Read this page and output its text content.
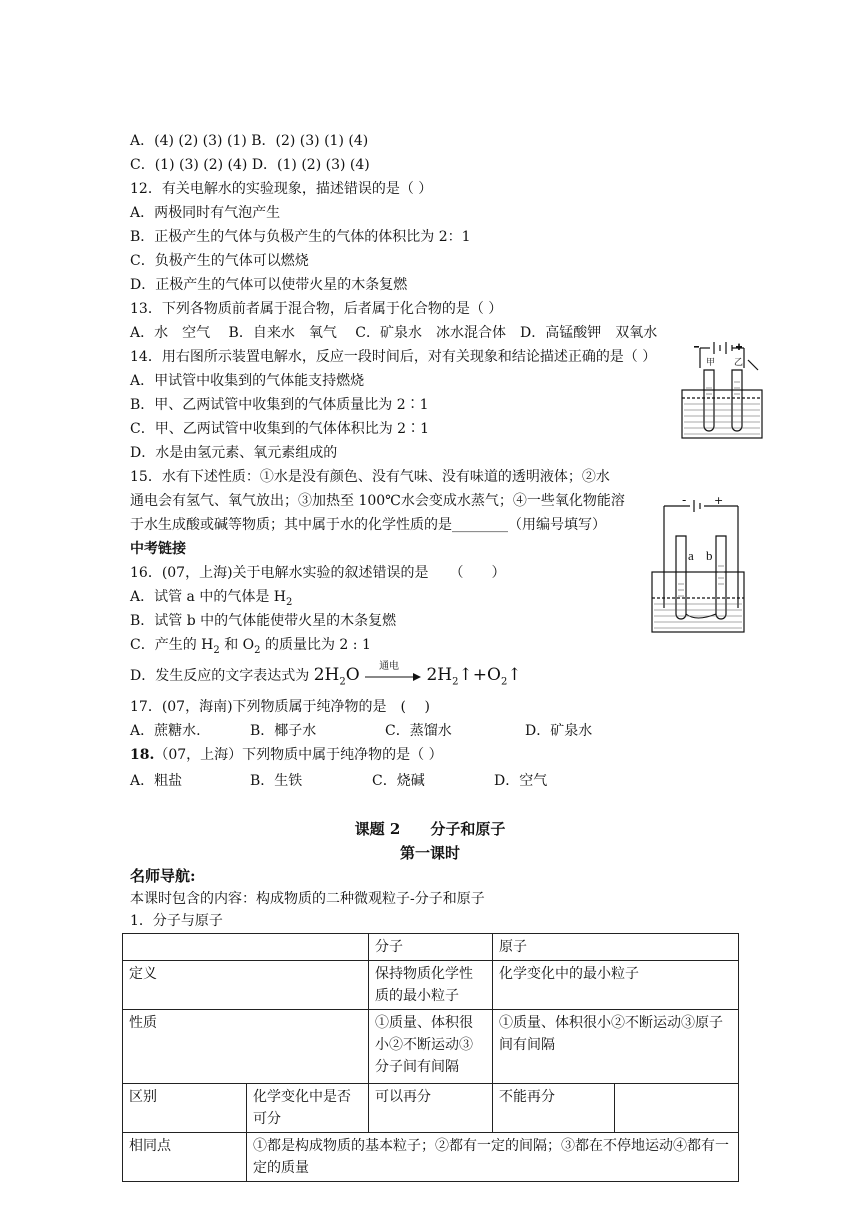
A．(4) (2) (3) (1) B．(2) (3) (1) (4)
C．(1) (3) (2) (4) D．(1) (2) (3) (4)
12．有关电解水的实验现象，描述错误的是（ ）
A．两极同时有气泡产生
B．正极产生的气体与负极产生的气体的体积比为 2：1
C．负极产生的气体可以燃烧
D．正极产生的气体可以使带火星的木条复燃
13．下列各物质前者属于混合物，后者属于化合物的是（ ）
A．水　空气　 B．自来水　氧气　 C．矿泉水　冰水混合体　D．高锰酸钾　双氧水
14．用右图所示装置电解水，反应一段时间后，对有关现象和结论描述正确的是（ ）
A．甲试管中收集到的气体能支持燃烧
B．甲、乙两试管中收集到的气体质量比为 2∶1
C．甲、乙两试管中收集到的气体体积比为 2∶1
D．水是由氢元素、氧元素组成的
15．水有下述性质：①水是没有颜色、没有气味、没有味道的透明液体；②水
通电会有氢气、氧气放出；③加热至 100℃水会变成水蒸气；④一些氧化物能溶
于水生成酸或碱等物质；其中属于水的化学性质的是________（用编号填写）
中考链接
16．(07，上海)关于电解水实验的叙述错误的是　　（　　）
A．试管 a 中的气体是 $H_2$
B．试管 b 中的气体能使带火星的木条复燃
C．产生的 $H_2$ 和 $O_2$ 的质量比为 2 : 1
D．发生反应的文字表达式为 $2H_2O$ 通电 $2H_2↑+O_2↑$
17．(07，海南)下列物质属于纯净物的是　(　 )
A．蔗糖水.	B．椰子水	C．蒸馏水	D．矿泉水
18.（07，上海）下列物质中属于纯净物的是（ ）
A．粗盐	B．生铁	C．烧碱	D．空气
课题 2　　分子和原子
第一课时
名师导航:
本课时包含的内容：构成物质的二种微观粒子-分子和原子
1．分子与原子
		分子	原子	
定义		保持物质化学性质的最小粒子	化学变化中的最小粒子	
性质		①质量、体积很小②不断运动③分子间有间隔	①质量、体积很小②不断运动③原子间有间隔	
区别	化学变化中是否可分	可以再分	不能再分	
相同点	①都是构成物质的基本粒子；②都有一定的间隔；③都在不停地运动④都有一定的质量			
甲 乙
-	+
a b
